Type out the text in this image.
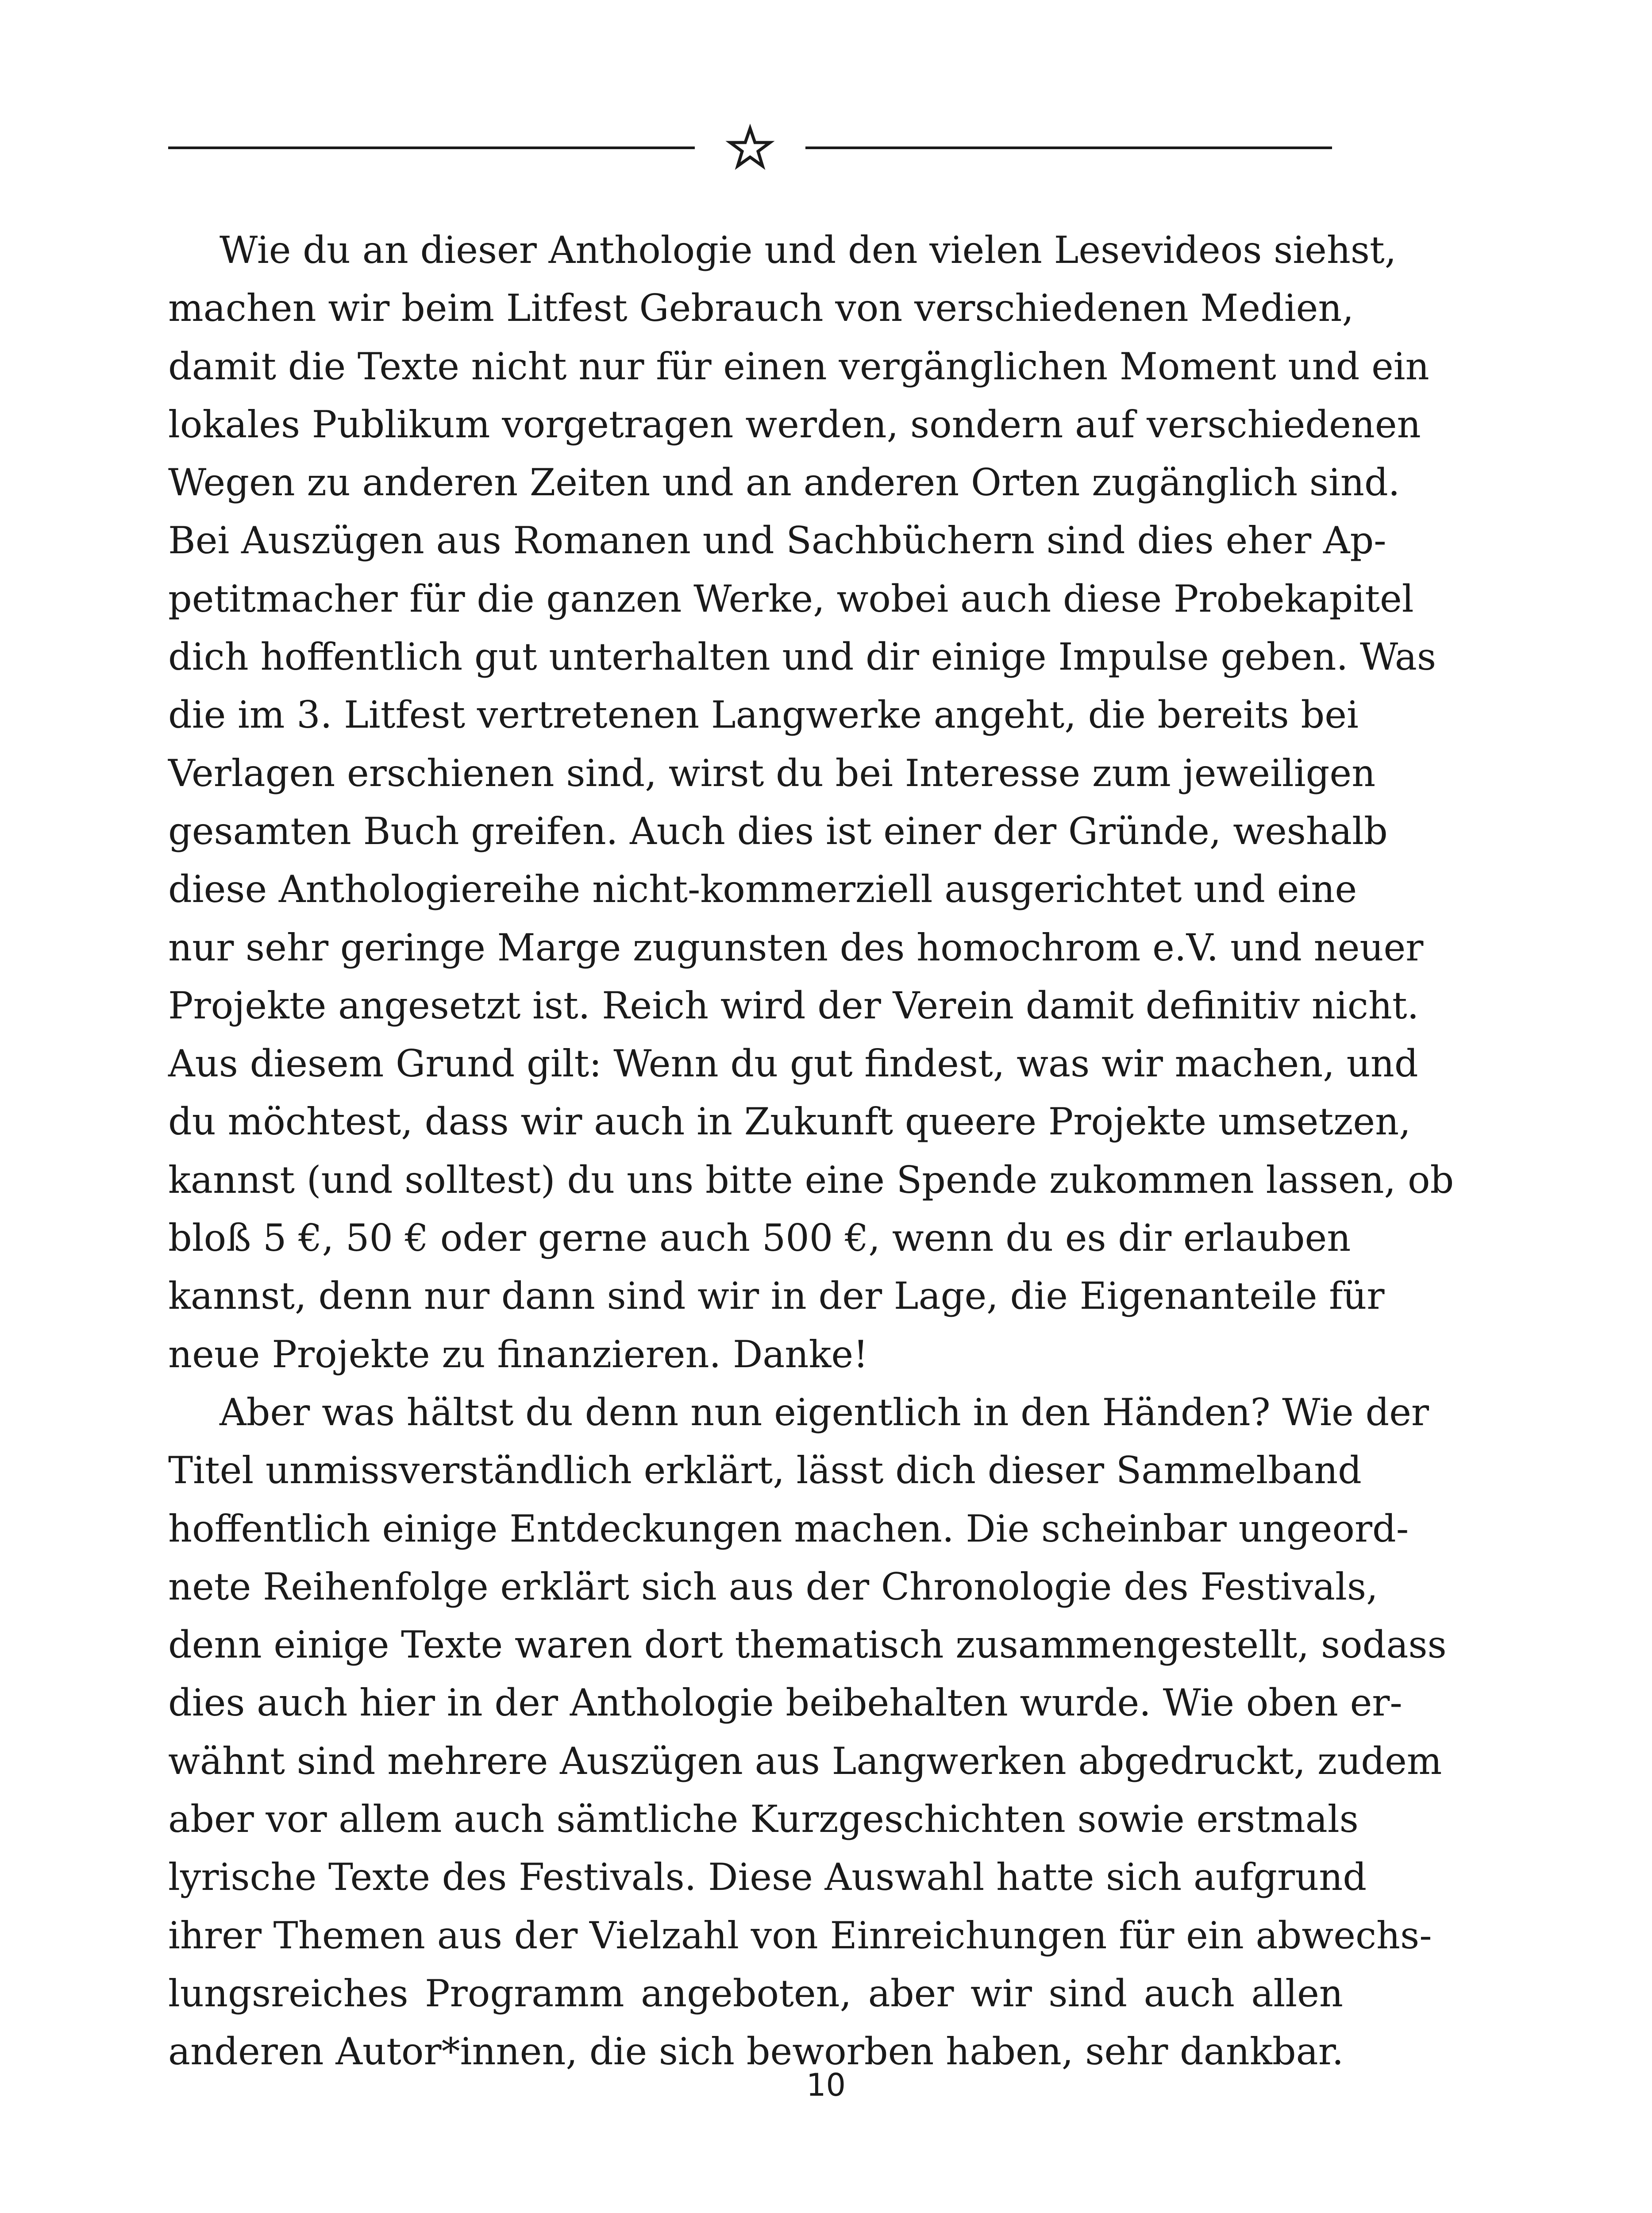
Wie du an dieser Anthologie und den vielen Lesevideos siehst,
machen wir beim Litfest Gebrauch von verschiedenen Medien,
damit die Texte nicht nur für einen vergänglichen Moment und ein
lokales Publikum vorgetragen werden, sondern auf verschiedenen
Wegen zu anderen Zeiten und an anderen Orten zugänglich sind.
Bei Auszügen aus Romanen und Sachbüchern sind dies eher Ap-
petitmacher für die ganzen Werke, wobei auch diese Probekapitel
dich hoffentlich gut unterhalten und dir einige Impulse geben. Was
die im 3. Litfest vertretenen Langwerke angeht, die bereits bei
Verlagen erschienen sind, wirst du bei Interesse zum jeweiligen
gesamten Buch greifen. Auch dies ist einer der Gründe, weshalb
diese Anthologiereihe nicht-kommerziell ausgerichtet und eine
nur sehr geringe Marge zugunsten des homochrom e.V. und neuer
Projekte angesetzt ist. Reich wird der Verein damit definitiv nicht.
Aus diesem Grund gilt: Wenn du gut findest, was wir machen, und
du möchtest, dass wir auch in Zukunft queere Projekte umsetzen,
kannst (und solltest) du uns bitte eine Spende zukommen lassen, ob
bloß 5 €, 50 € oder gerne auch 500 €, wenn du es dir erlauben
kannst, denn nur dann sind wir in der Lage, die Eigenanteile für
neue Projekte zu finanzieren. Danke!

Aber was hältst du denn nun eigentlich in den Händen? Wie der
Titel unmissverständlich erklärt, lässt dich dieser Sammelband
hoffentlich einige Entdeckungen machen. Die scheinbar ungeord-
nete Reihenfolge erklärt sich aus der Chronologie des Festivals,
denn einige Texte waren dort thematisch zusammengestellt, sodass
dies auch hier in der Anthologie beibehalten wurde. Wie oben er-
wähnt sind mehrere Auszügen aus Langwerken abgedruckt, zudem
aber vor allem auch sämtliche Kurzgeschichten sowie erstmals
lyrische Texte des Festivals. Diese Auswahl hatte sich aufgrund
ihrer Themen aus der Vielzahl von Einreichungen für ein abwechs-
lungsreiches Programm angeboten, aber wir sind auch allen
anderen Autor*innen, die sich beworben haben, sehr dankbar.

10
